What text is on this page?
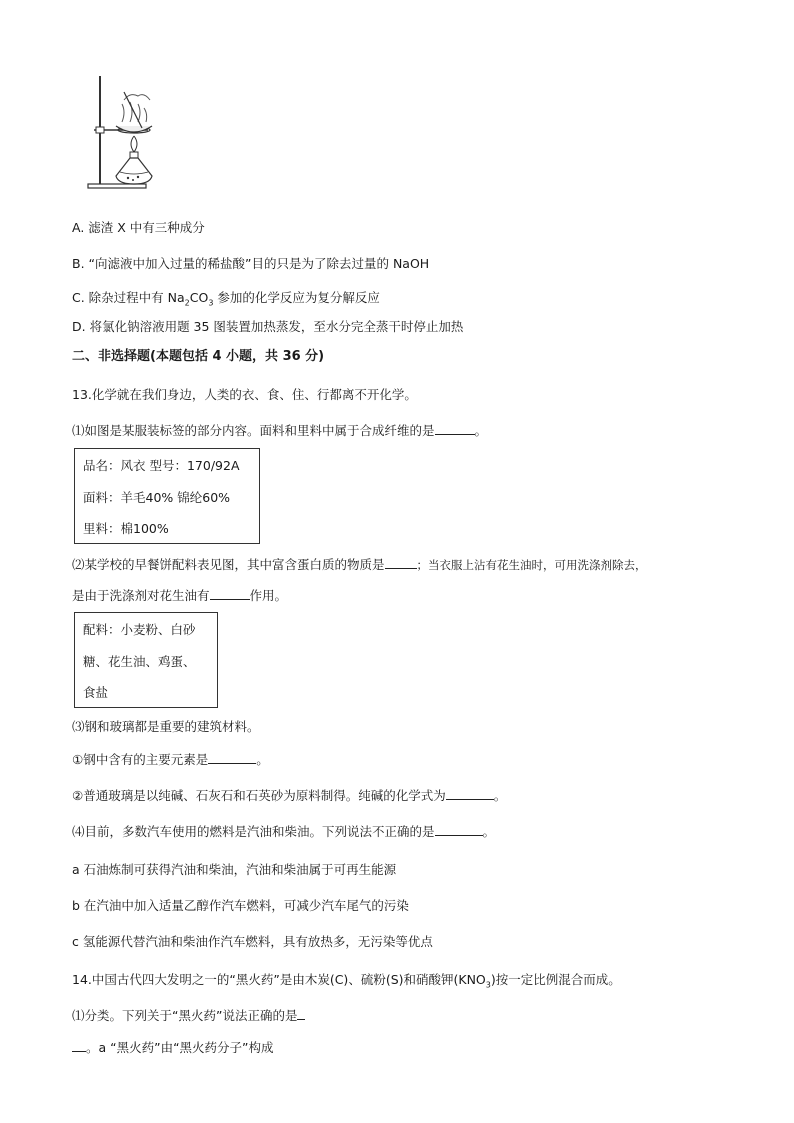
A. 滤渣 X 中有三种成分
B. “向滤液中加入过量的稀盐酸”目的只是为了除去过量的 NaOH
C. 除杂过程中有 $Na_2CO_3$ 参加的化学反应为复分解反应
D. 将氯化钠溶液用题 35 图装置加热蒸发，至水分完全蒸干时停止加热
二、非选择题(本题包括 4 小题，共 36 分)
13.化学就在我们身边，人类的衣、食、住、行都离不开化学。
⑴如图是某服装标签的部分内容。面料和里料中属于合成纤维的是	。
品名：风衣 型号：170/92A
面料：羊毛40% 锦纶60%
里料：棉100%
⑵某学校的早餐饼配料表见图，其中富含蛋白质的物质是	；当衣服上沾有花生油时，可用洗涤剂除去，
是由于洗涤剂对花生油有	作用。
配料：小麦粉、白砂
糖、花生油、鸡蛋、
食盐
⑶钢和玻璃都是重要的建筑材料。
①钢中含有的主要元素是	。
②普通玻璃是以纯碱、石灰石和石英砂为原料制得。纯碱的化学式为	。
⑷目前，多数汽车使用的燃料是汽油和柴油。下列说法不正确的是	。
a 石油炼制可获得汽油和柴油，汽油和柴油属于可再生能源
b 在汽油中加入适量乙醇作汽车燃料，可减少汽车尾气的污染
c 氢能源代替汽油和柴油作汽车燃料，具有放热多，无污染等优点
14.中国古代四大发明之一的“黑火药”是由木炭(C)、硫粉(S)和硝酸钾$(KNO_3)$按一定比例混合而成。
⑴分类。下列关于“黑火药”说法正确的是
。a “黑火药”由“黑火药分子”构成
